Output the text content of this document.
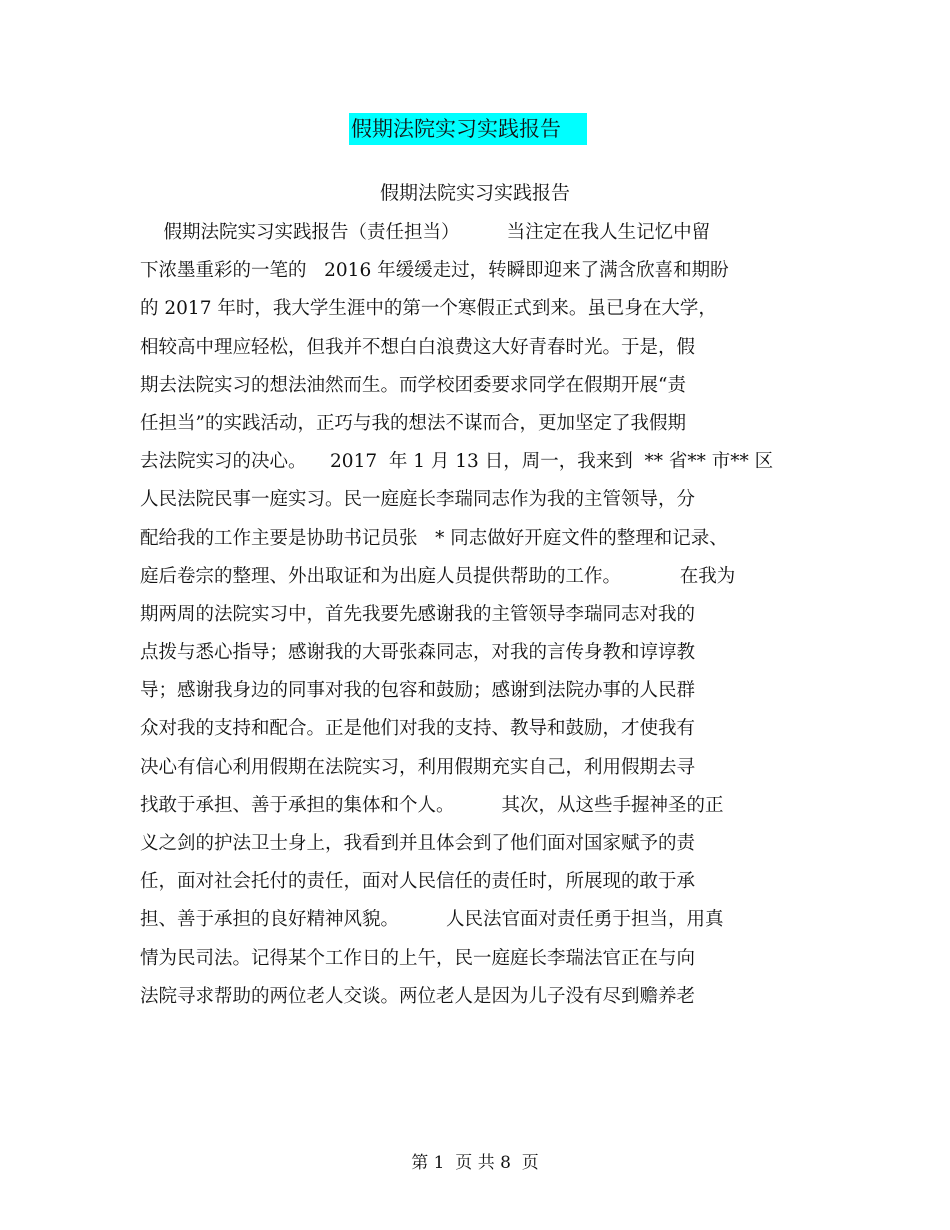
假期法院实习实践报告
假期法院实习实践报告
假期法院实习实践报告（责任担当）        当注定在我人生记忆中留
下浓墨重彩的一笔的   2016 年缓缓走过，转瞬即迎来了满含欣喜和期盼
的 2017 年时，我大学生涯中的第一个寒假正式到来。虽已身在大学，
相较高中理应轻松，但我并不想白白浪费这大好青春时光。于是，假
期去法院实习的想法油然而生。而学校团委要求同学在假期开展“责
任担当”的实践活动，正巧与我的想法不谋而合，更加坚定了我假期
去法院实习的决心。    2017  年 1 月 13 日，周一，我来到  ** 省** 市** 区
人民法院民事一庭实习。民一庭庭长李瑞同志作为我的主管领导，分
配给我的工作主要是协助书记员张   * 同志做好开庭文件的整理和记录、
庭后卷宗的整理、外出取证和为出庭人员提供帮助的工作。          在我为
期两周的法院实习中，首先我要先感谢我的主管领导李瑞同志对我的
点拨与悉心指导；感谢我的大哥张森同志，对我的言传身教和谆谆教
导；感谢我身边的同事对我的包容和鼓励；感谢到法院办事的人民群
众对我的支持和配合。正是他们对我的支持、教导和鼓励，才使我有
决心有信心利用假期在法院实习，利用假期充实自己，利用假期去寻
找敢于承担、善于承担的集体和个人。        其次，从这些手握神圣的正
义之剑的护法卫士身上，我看到并且体会到了他们面对国家赋予的责
任，面对社会托付的责任，面对人民信任的责任时，所展现的敢于承
担、善于承担的良好精神风貌。        人民法官面对责任勇于担当，用真
情为民司法。记得某个工作日的上午，民一庭庭长李瑞法官正在与向
法院寻求帮助的两位老人交谈。两位老人是因为儿子没有尽到赡养老
第 1  页 共 8  页
